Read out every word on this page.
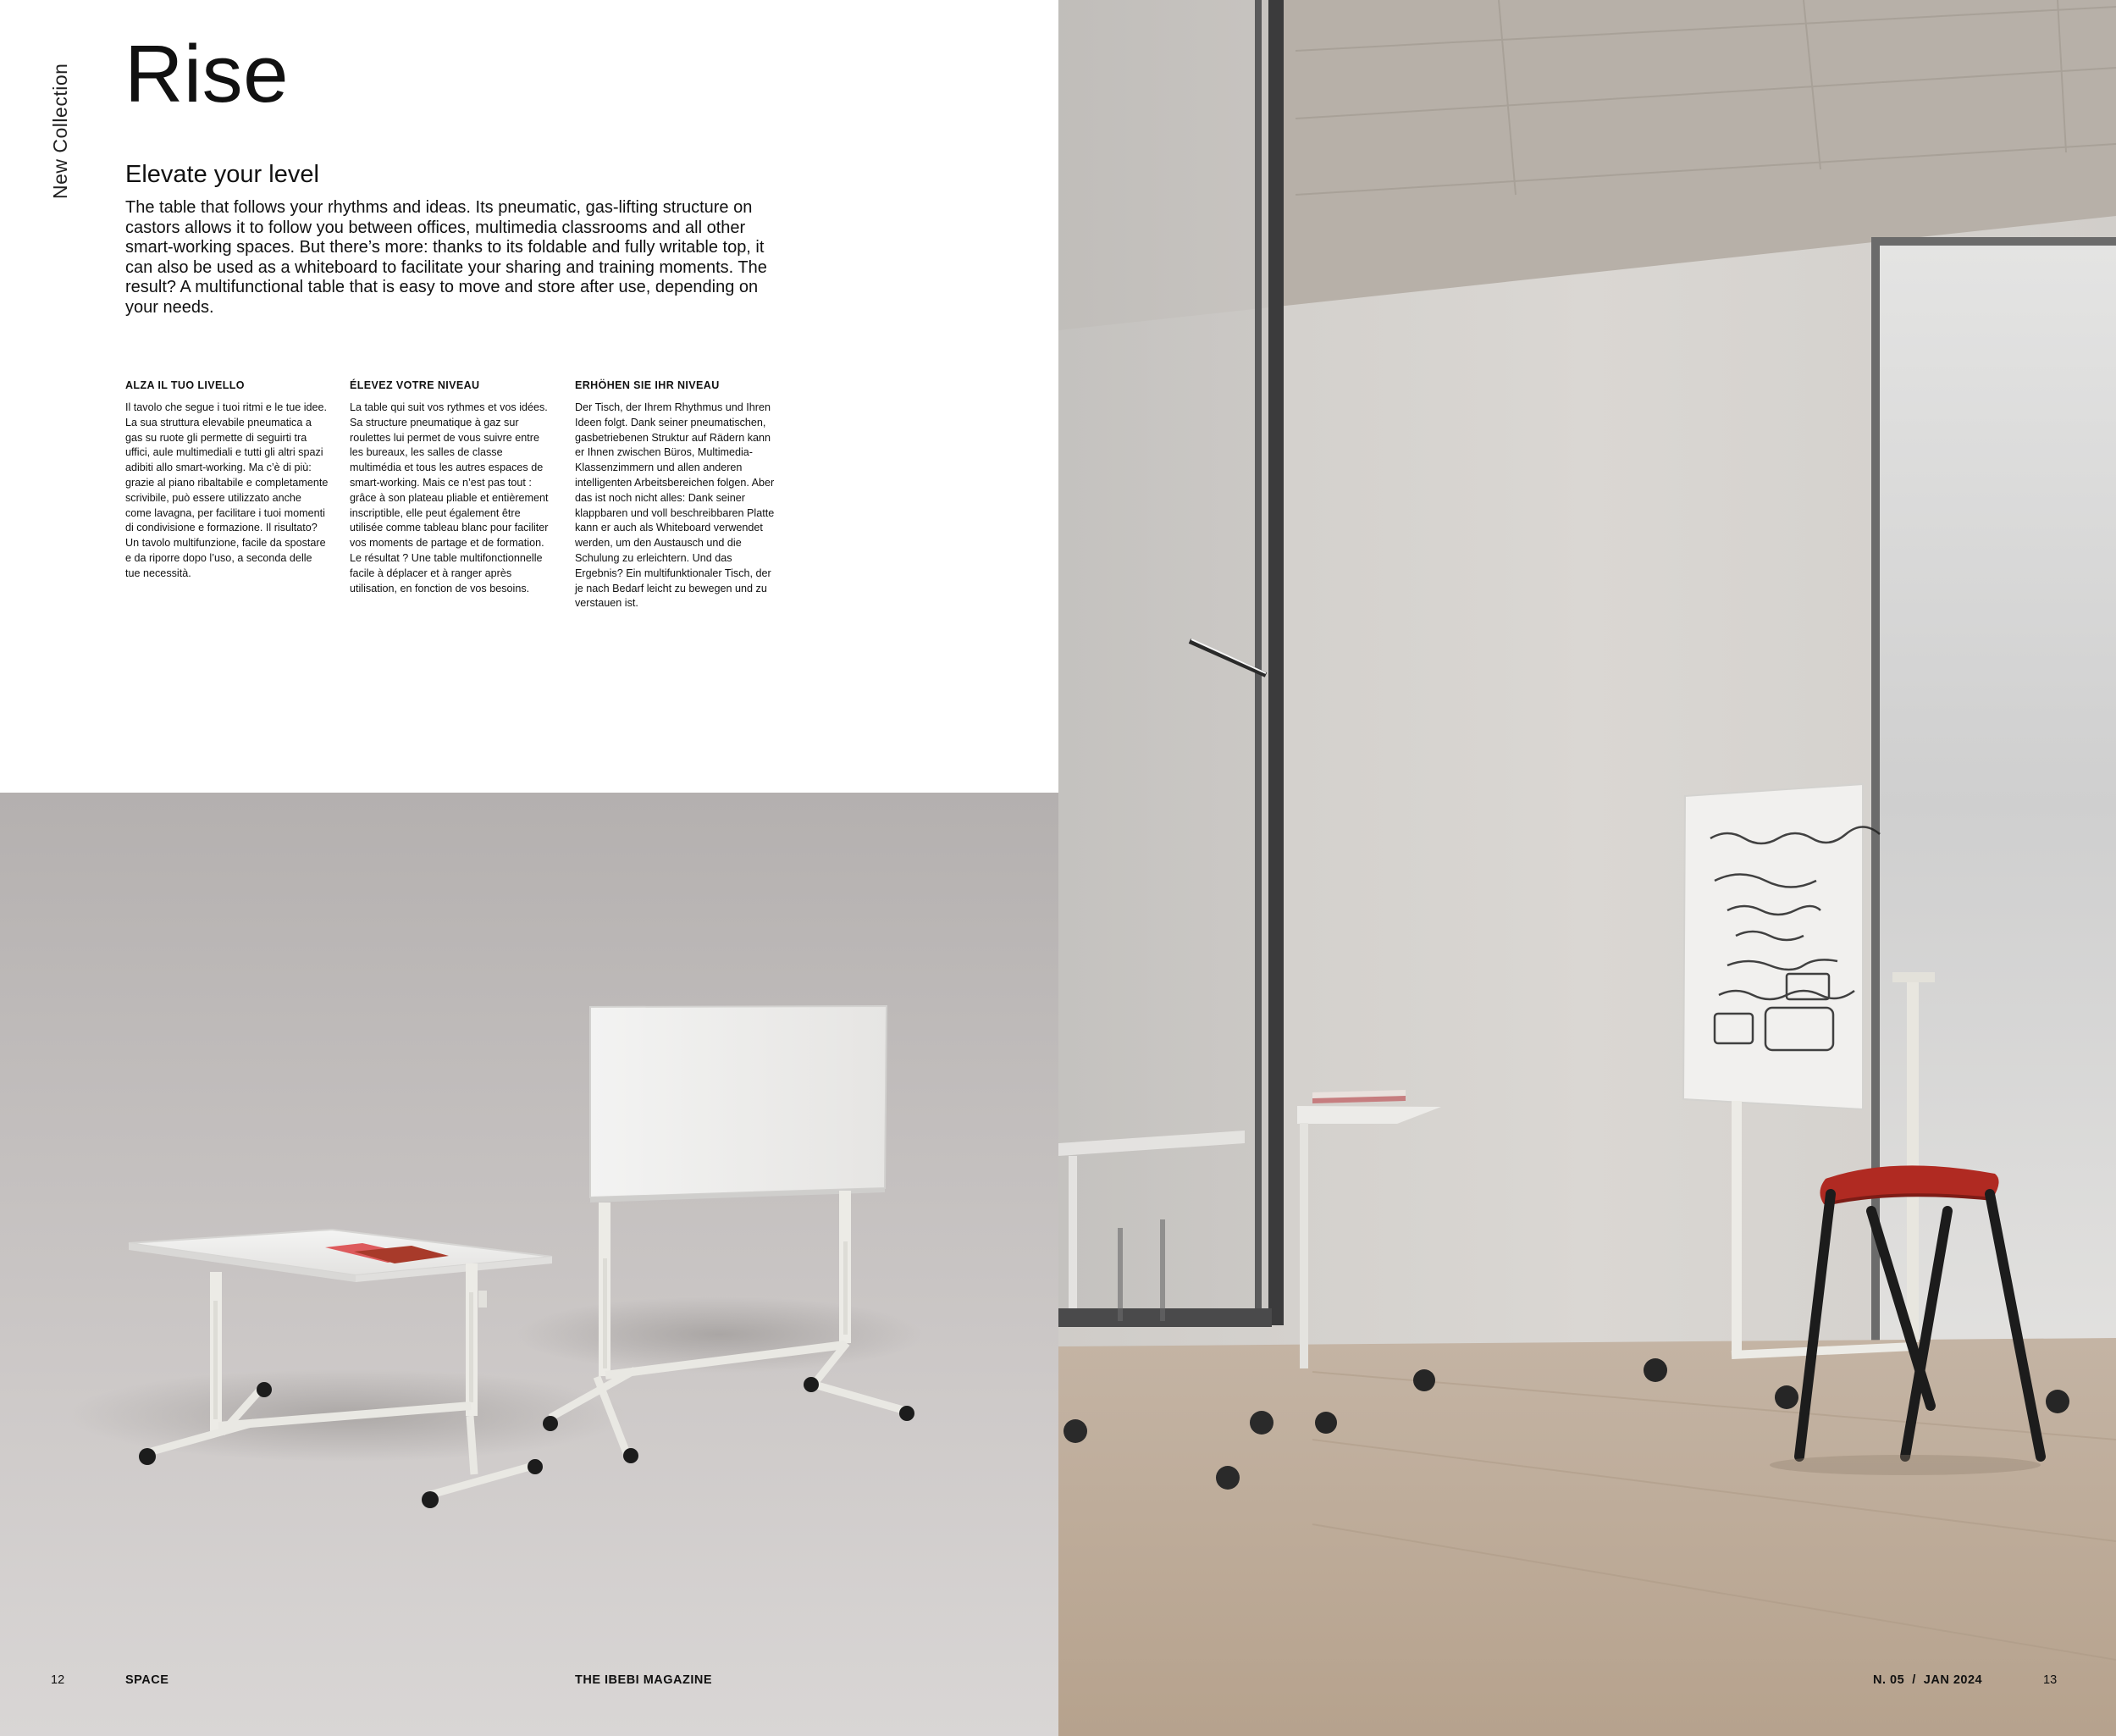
New Collection Rise
Elevate your level

The table that follows your rhythms and ideas. Its pneumatic, gas-lifting structure on castors allows it to follow you between offices, multimedia classrooms and all other smart-working spaces. But there’s more: thanks to its foldable and fully writable top, it can also be used as a whiteboard to facilitate your sharing and training moments. The result? A multifunctional table that is easy to move and store after use, depending on your needs.

ALZA IL TUO LIVELLO

Il tavolo che segue i tuoi ritmi e le tue idee. La sua struttura elevabile pneumatica a gas su ruote gli permette di seguirti tra uffici, aule multimediali e tutti gli altri spazi adibiti allo smart-working. Ma c’è di più: grazie al piano ribaltabile e completamente scrivibile, può essere utilizzato anche come lavagna, per facilitare i tuoi momenti di condivisione e formazione. Il risultato? Un tavolo multifunzione, facile da spostare e da riporre dopo l’uso, a seconda delle tue necessità.

ÉLEVEZ VOTRE NIVEAU

La table qui suit vos rythmes et vos idées. Sa structure pneumatique à gaz sur roulettes lui permet de vous suivre entre les bureaux, les salles de classe multimédia et tous les autres espaces de smart-working. Mais ce n’est pas tout : grâce à son plateau pliable et entièrement inscriptible, elle peut également être utilisée comme tableau blanc pour faciliter vos moments de partage et de formation. Le résultat ? Une table multifonctionnelle facile à déplacer et à ranger après utilisation, en fonction de vos besoins.

ERHÖHEN SIE IHR NIVEAU

Der Tisch, der Ihrem Rhythmus und Ihren Ideen folgt. Dank seiner pneumatischen, gasbetriebenen Struktur auf Rädern kann er Ihnen zwischen Büros, Multimedia-Klassenzimmern und allen anderen intelligenten Arbeitsbereichen folgen. Aber das ist noch nicht alles: Dank seiner klappbaren und voll beschreibbaren Platte kann er auch als Whiteboard verwendet werden, um den Austausch und die Schulung zu erleichtern. Und das Ergebnis? Ein multifunktionaler Tisch, der je nach Bedarf leicht zu bewegen und zu verstauen ist.

12	SPACE	THE IBEBI MAGAZINE	N. 05  /  JAN 2024	13
